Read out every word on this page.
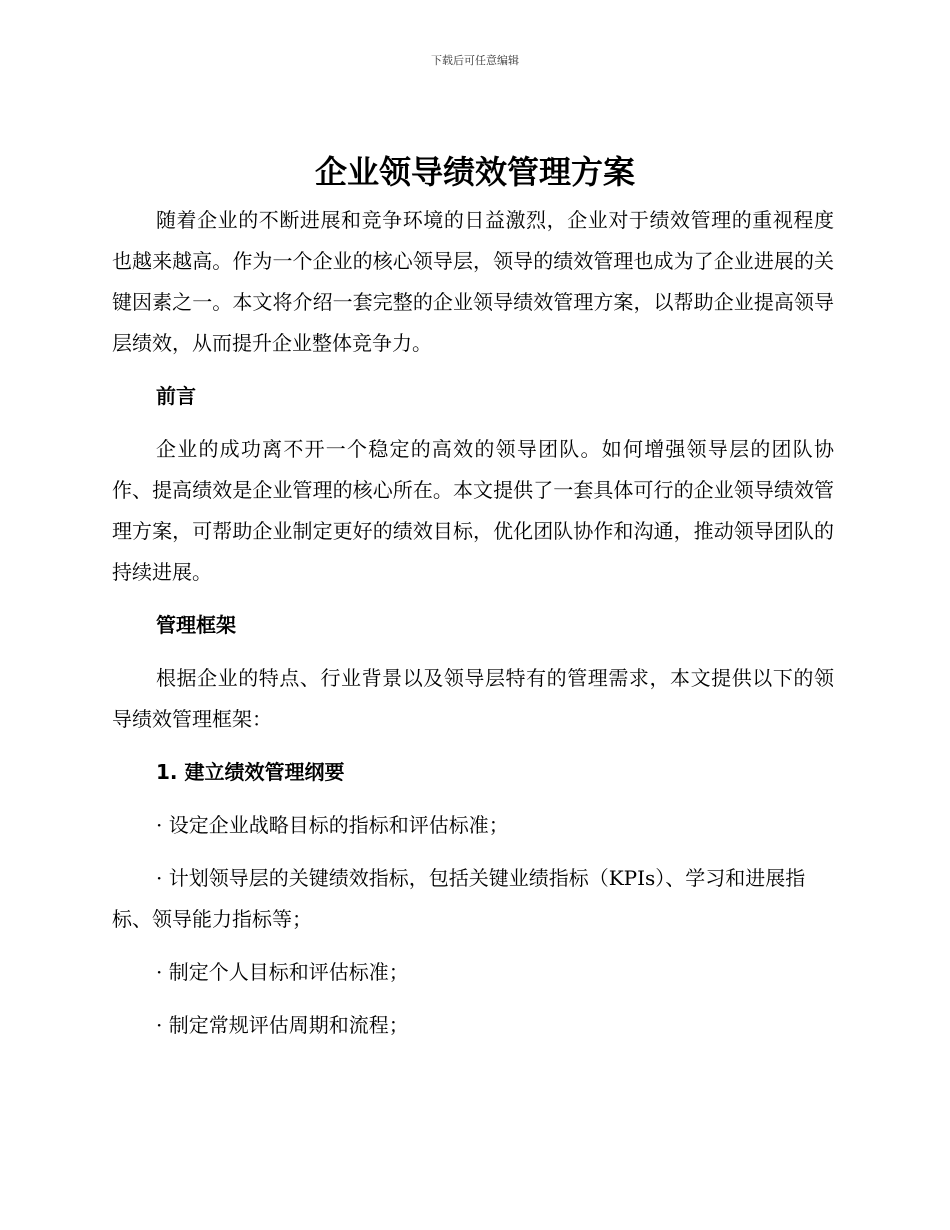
下载后可任意编辑
企业领导绩效管理方案

随着企业的不断进展和竞争环境的日益激烈，企业对于绩效管理的重视程度也越来越高。作为一个企业的核心领导层，领导的绩效管理也成为了企业进展的关键因素之一。本文将介绍一套完整的企业领导绩效管理方案，以帮助企业提高领导层绩效，从而提升企业整体竞争力。

前言

企业的成功离不开一个稳定的高效的领导团队。如何增强领导层的团队协作、提高绩效是企业管理的核心所在。本文提供了一套具体可行的企业领导绩效管理方案，可帮助企业制定更好的绩效目标，优化团队协作和沟通，推动领导团队的持续进展。

管理框架

根据企业的特点、行业背景以及领导层特有的管理需求，本文提供以下的领导绩效管理框架：

1. 建立绩效管理纲要

· 设定企业战略目标的指标和评估标准；

· 计划领导层的关键绩效指标，包括关键业绩指标（KPIs）、学习和进展指标、领导能力指标等；

· 制定个人目标和评估标准；

· 制定常规评估周期和流程；
